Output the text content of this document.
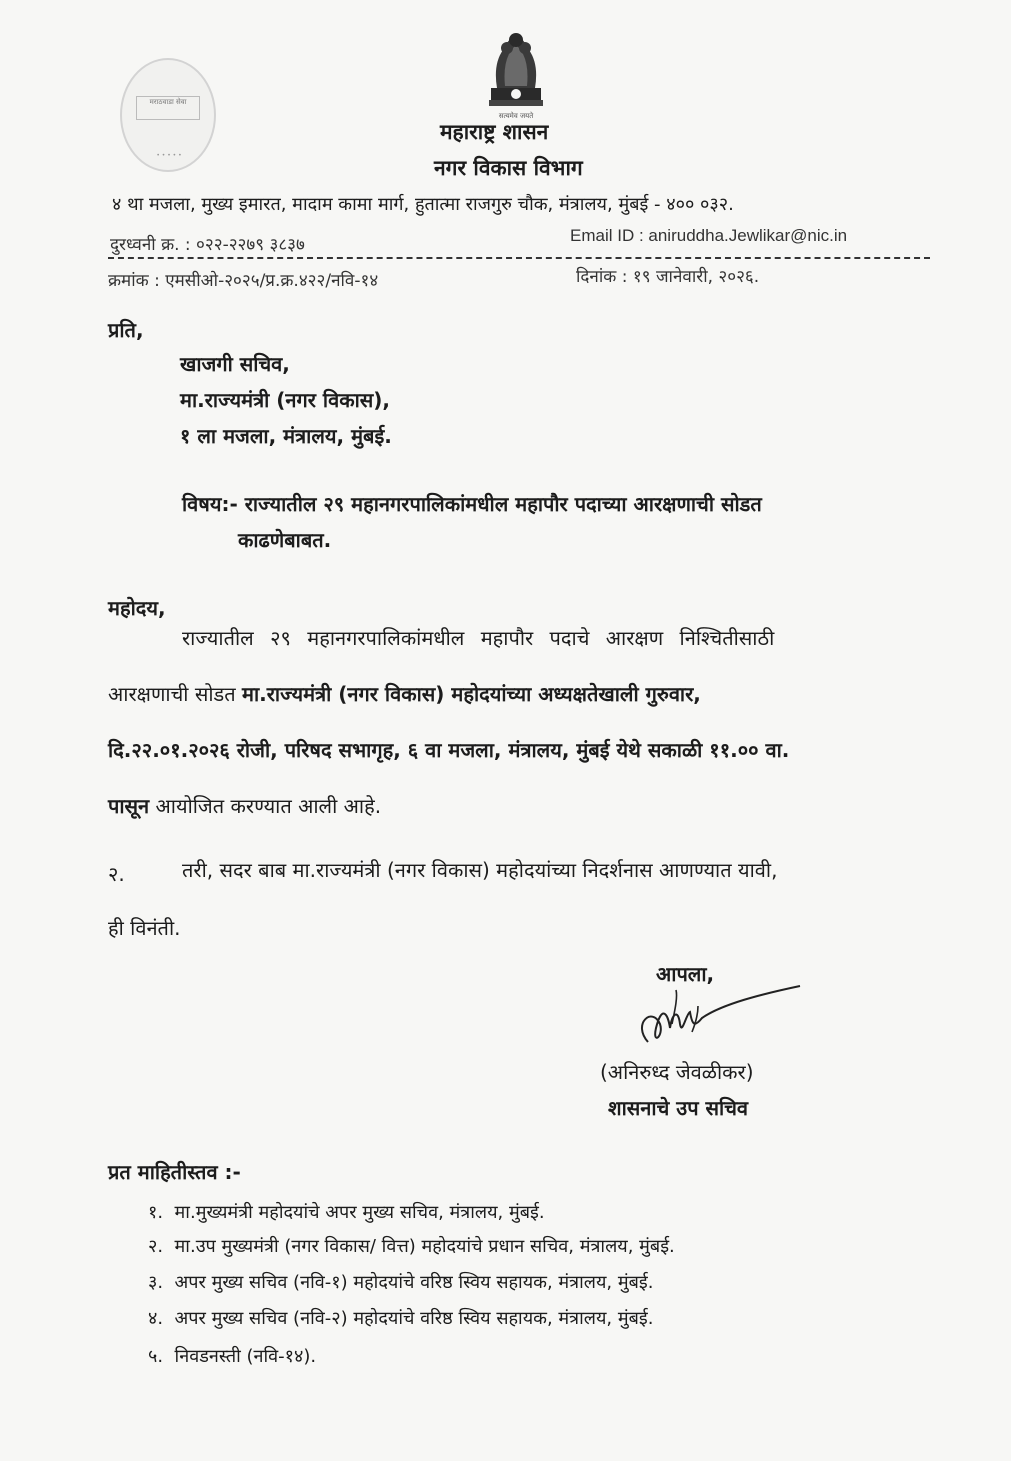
मराठवाडा सेवा
• • • • •
सत्यमेव जयते
महाराष्ट्र शासन
नगर विकास विभाग
४ था मजला, मुख्य इमारत, मादाम कामा मार्ग, हुतात्मा राजगुरु चौक, मंत्रालय, मुंबई - ४०० ०३२.
दुरध्वनी क्र. : ०२२-२२७९ ३८३७	Email ID : aniruddha.Jewlikar@nic.in
क्रमांक : एमसीओ-२०२५/प्र.क्र.४२२/नवि-१४	दिनांक : १९ जानेवारी, २०२६.
प्रति,
खाजगी सचिव,
मा.राज्यमंत्री (नगर विकास),
१ ला मजला, मंत्रालय, मुंबई.
विषय:- राज्यातील २९ महानगरपालिकांमधील महापौर पदाच्या आरक्षणाची सोडत
काढणेबाबत.
महोदय,
राज्यातील २९ महानगरपालिकांमधील महापौर पदाचे आरक्षण निश्चितीसाठी
आरक्षणाची सोडत मा.राज्यमंत्री (नगर विकास) महोदयांच्या अध्यक्षतेखाली गुरुवार,
दि.२२.०१.२०२६ रोजी, परिषद सभागृह, ६ वा मजला, मंत्रालय, मुंबई येथे सकाळी ११.०० वा.
पासून आयोजित करण्यात आली आहे.
२.	तरी, सदर बाब मा.राज्यमंत्री (नगर विकास) महोदयांच्या निदर्शनास आणण्यात यावी,
ही विनंती.
आपला,
(अनिरुध्द जेवळीकर)
शासनाचे उप सचिव
प्रत माहितीस्तव :-
१. मा.मुख्यमंत्री महोदयांचे अपर मुख्य सचिव, मंत्रालय, मुंबई.
२. मा.उप मुख्यमंत्री (नगर विकास/ वित्त) महोदयांचे प्रधान सचिव, मंत्रालय, मुंबई.
३. अपर मुख्य सचिव (नवि-१) महोदयांचे वरिष्ठ स्विय सहायक, मंत्रालय, मुंबई.
४. अपर मुख्य सचिव (नवि-२) महोदयांचे वरिष्ठ स्विय सहायक, मंत्रालय, मुंबई.
५. निवडनस्ती (नवि-१४).
